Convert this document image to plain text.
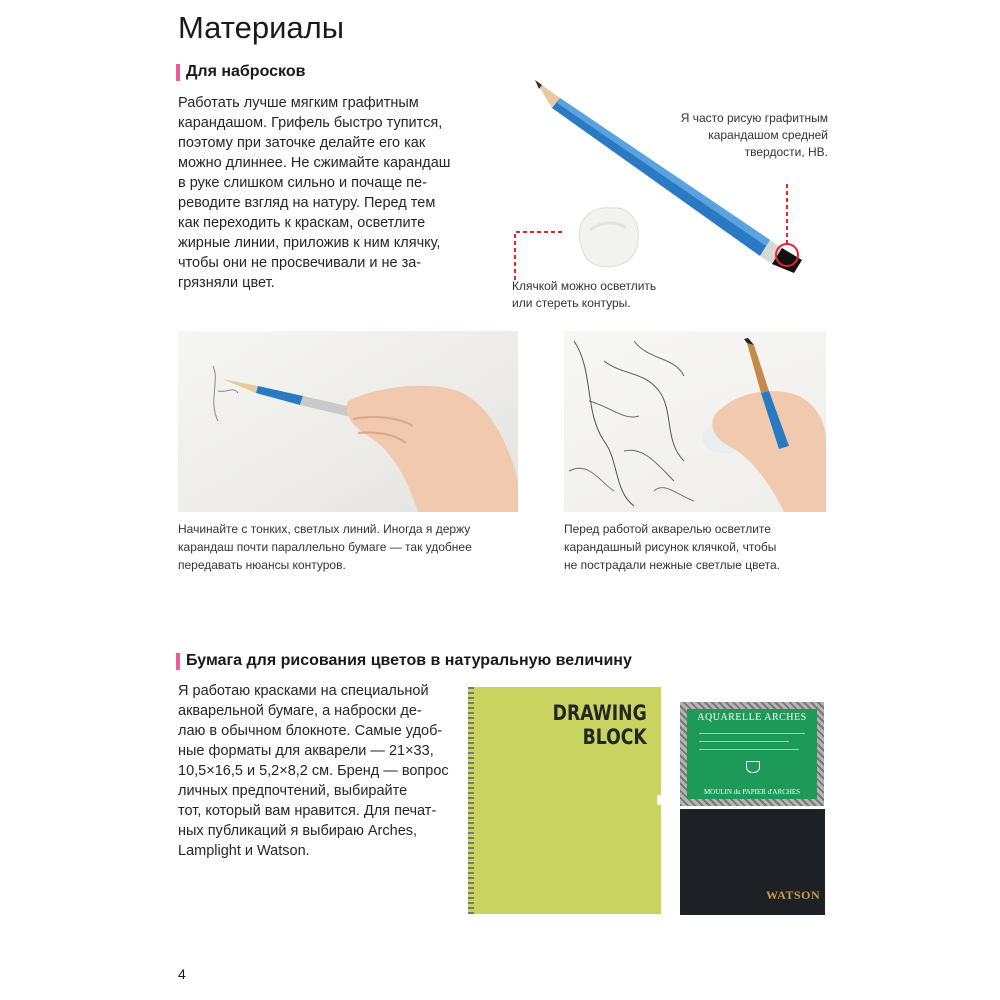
Материалы
Для набросков
Работать лучше мягким графитным
карандашом. Грифель быстро тупится,
поэтому при заточке делайте его как
можно длиннее. Не сжимайте карандаш
в руке слишком сильно и почаще пе-
реводите взгляд на натуру. Перед тем
как переходить к краскам, осветлите
жирные линии, приложив к ним клячку,
чтобы они не просвечивали и не за-
грязняли цвет.
Я часто рисую графитным
карандашом средней
твердости, HB.
Клячкой можно осветлить
или стереть контуры.
Начинайте с тонких, светлых линий. Иногда я держу
карандаш почти параллельно бумаге — так удобнее
передавать нюансы контуров.
Перед работой акварелью осветлите
карандашный рисунок клячкой, чтобы
не пострадали нежные светлые цвета.
Бумага для рисования цветов в натуральную величину
Я работаю красками на специальной
акварельной бумаге, а наброски де-
лаю в обычном блокноте. Самые удоб-
ные форматы для акварели — 21×33,
10,5×16,5 и 5,2×8,2 см. Бренд — вопрос
личных предпочтений, выбирайте
тот, который вам нравится. Для печат-
ных публикаций я выбираю Arches,
Lamplight и Watson.
DRAWING
BLOCK
AQUARELLE ARCHES
MOULIN du PAPIER d'ARCHES
WATSON
4
